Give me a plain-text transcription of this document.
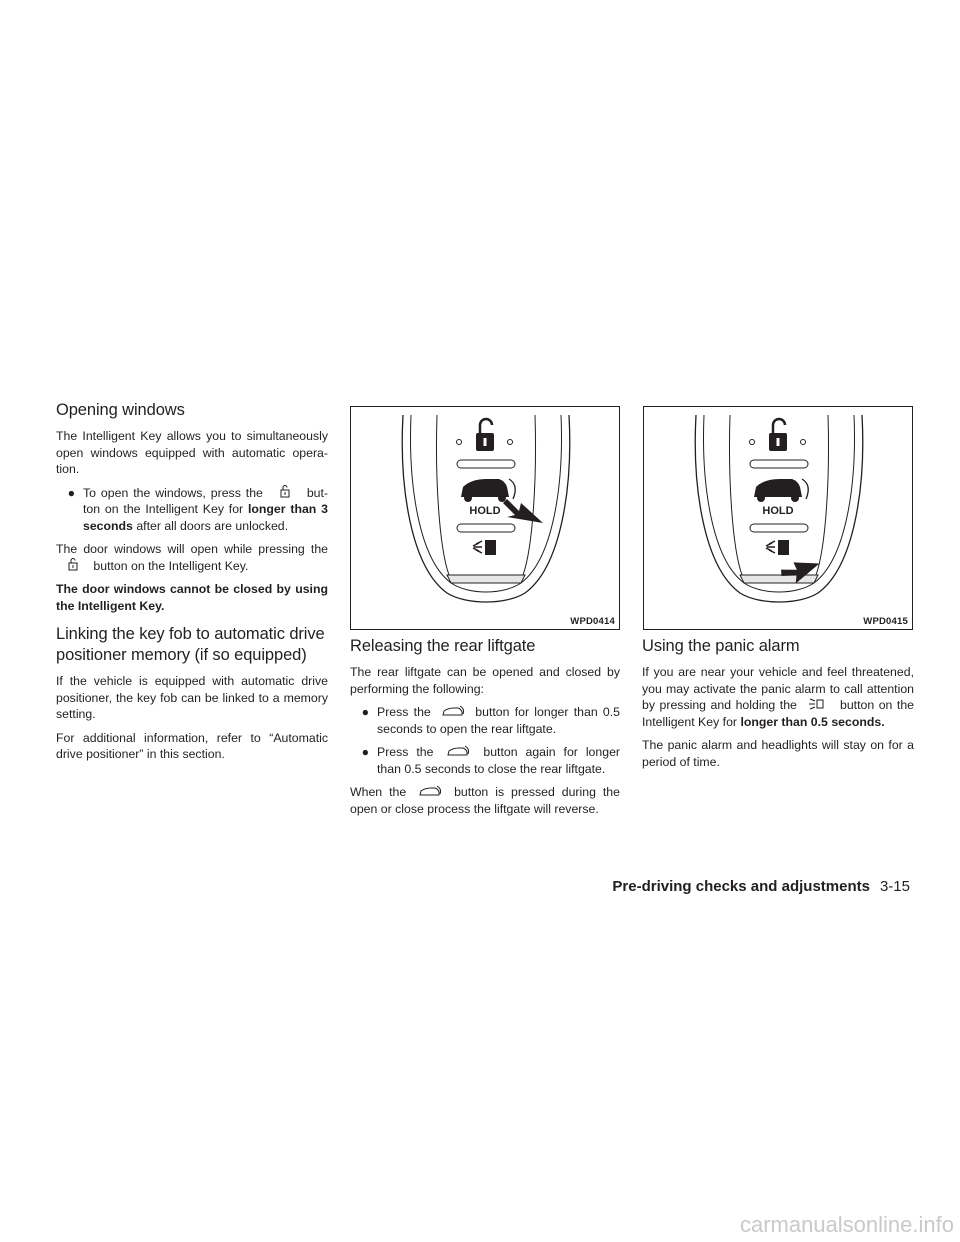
Opening windows

The Intelligent Key allows you to simultaneously open windows equipped with automatic opera-tion.

● To open the windows, press the	but-ton on the Intelligent Key for longer than 3 seconds after all doors are unlocked.

The door windows will open while pressing the  button on the Intelligent Key.

The door windows cannot be closed by using the Intelligent Key.

Linking the key fob to automatic drive positioner memory (if so equipped)

If the vehicle is equipped with automatic drive positioner, the key fob can be linked to a memory setting.

For additional information, refer to “Automatic drive positioner” in this section.

HOLD
WPD0414
HOLD
WPD0415
Releasing the rear liftgate

The rear liftgate can be opened and closed by performing the following:

● Press the	button for longer than 0.5 seconds to open the rear liftgate.
● Press the	button again for longer than 0.5 seconds to close the rear liftgate.

When the	button is pressed during the open or close process the liftgate will reverse.

Using the panic alarm

If you are near your vehicle and feel threatened, you may activate the panic alarm to call attention by pressing and holding the	button on the Intelligent Key for longer than 0.5 seconds.

The panic alarm and headlights will stay on for a period of time.

Pre-driving checks and adjustments 3-15
carmanualsonline.info
